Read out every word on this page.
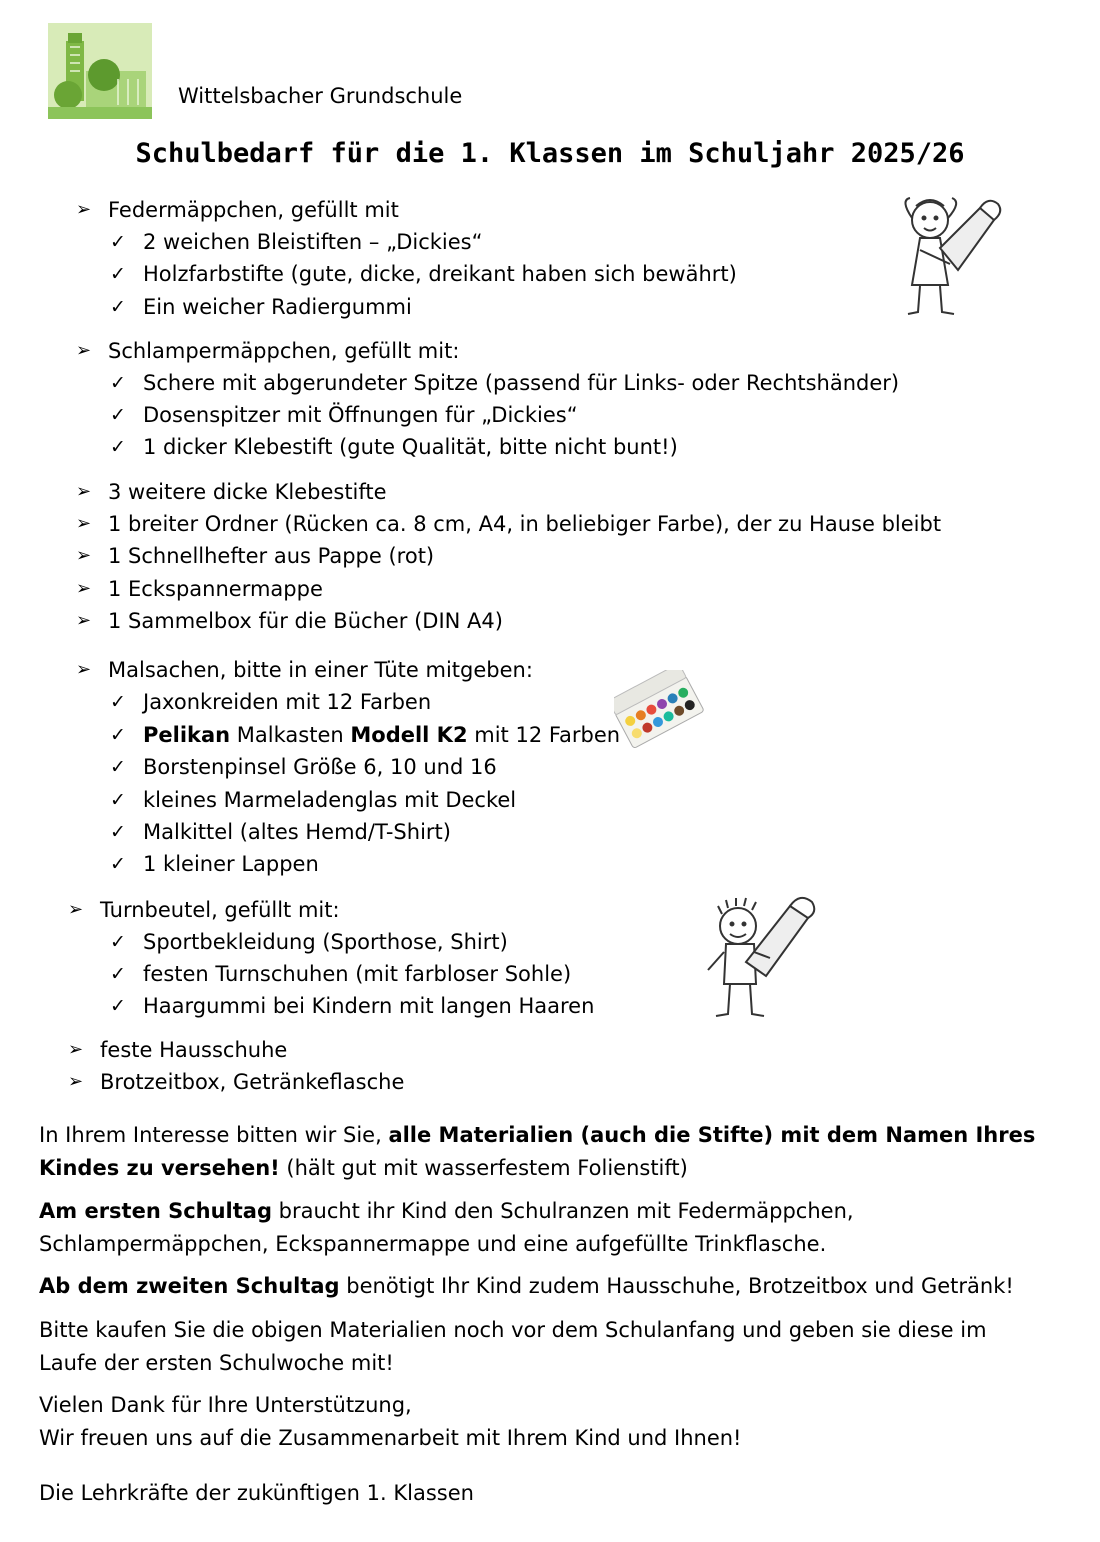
Wittelsbacher Grundschule
Schulbedarf für die 1. Klassen im Schuljahr 2025/26
➢ Federmäppchen, gefüllt mit
✓ 2 weichen Bleistiften – „Dickies“
✓ Holzfarbstifte (gute, dicke, dreikant haben sich bewährt)
✓ Ein weicher Radiergummi
➢ Schlampermäppchen, gefüllt mit:
✓ Schere mit abgerundeter Spitze (passend für Links- oder Rechtshänder)
✓ Dosenspitzer mit Öffnungen für „Dickies“
✓ 1 dicker Klebestift (gute Qualität, bitte nicht bunt!)
➢ 3 weitere dicke Klebestifte
➢ 1 breiter Ordner (Rücken ca. 8 cm, A4, in beliebiger Farbe), der zu Hause bleibt
➢ 1 Schnellhefter aus Pappe (rot)
➢ 1 Eckspannermappe
➢ 1 Sammelbox für die Bücher (DIN A4)
➢ Malsachen, bitte in einer Tüte mitgeben:
✓ Jaxonkreiden mit 12 Farben
✓ Pelikan Malkasten Modell K2 mit 12 Farben
✓ Borstenpinsel Größe 6, 10 und 16
✓ kleines Marmeladenglas mit Deckel
✓ Malkittel (altes Hemd/T-Shirt)
✓ 1 kleiner Lappen
➢ Turnbeutel, gefüllt mit:
✓ Sportbekleidung (Sporthose, Shirt)
✓ festen Turnschuhen (mit farbloser Sohle)
✓ Haargummi bei Kindern mit langen Haaren
➢ feste Hausschuhe
➢ Brotzeitbox, Getränkeflasche
In Ihrem Interesse bitten wir Sie, alle Materialien (auch die Stifte) mit dem Namen Ihres Kindes zu versehen! (hält gut mit wasserfestem Folienstift)
Am ersten Schultag braucht ihr Kind den Schulranzen mit Federmäppchen, Schlampermäppchen, Eckspannermappe und eine aufgefüllte Trinkflasche.
Ab dem zweiten Schultag benötigt Ihr Kind zudem Hausschuhe, Brotzeitbox und Getränk!
Bitte kaufen Sie die obigen Materialien noch vor dem Schulanfang und geben sie diese im Laufe der ersten Schulwoche mit!
Vielen Dank für Ihre Unterstützung,
Wir freuen uns auf die Zusammenarbeit mit Ihrem Kind und Ihnen!
Die Lehrkräfte der zukünftigen 1. Klassen
